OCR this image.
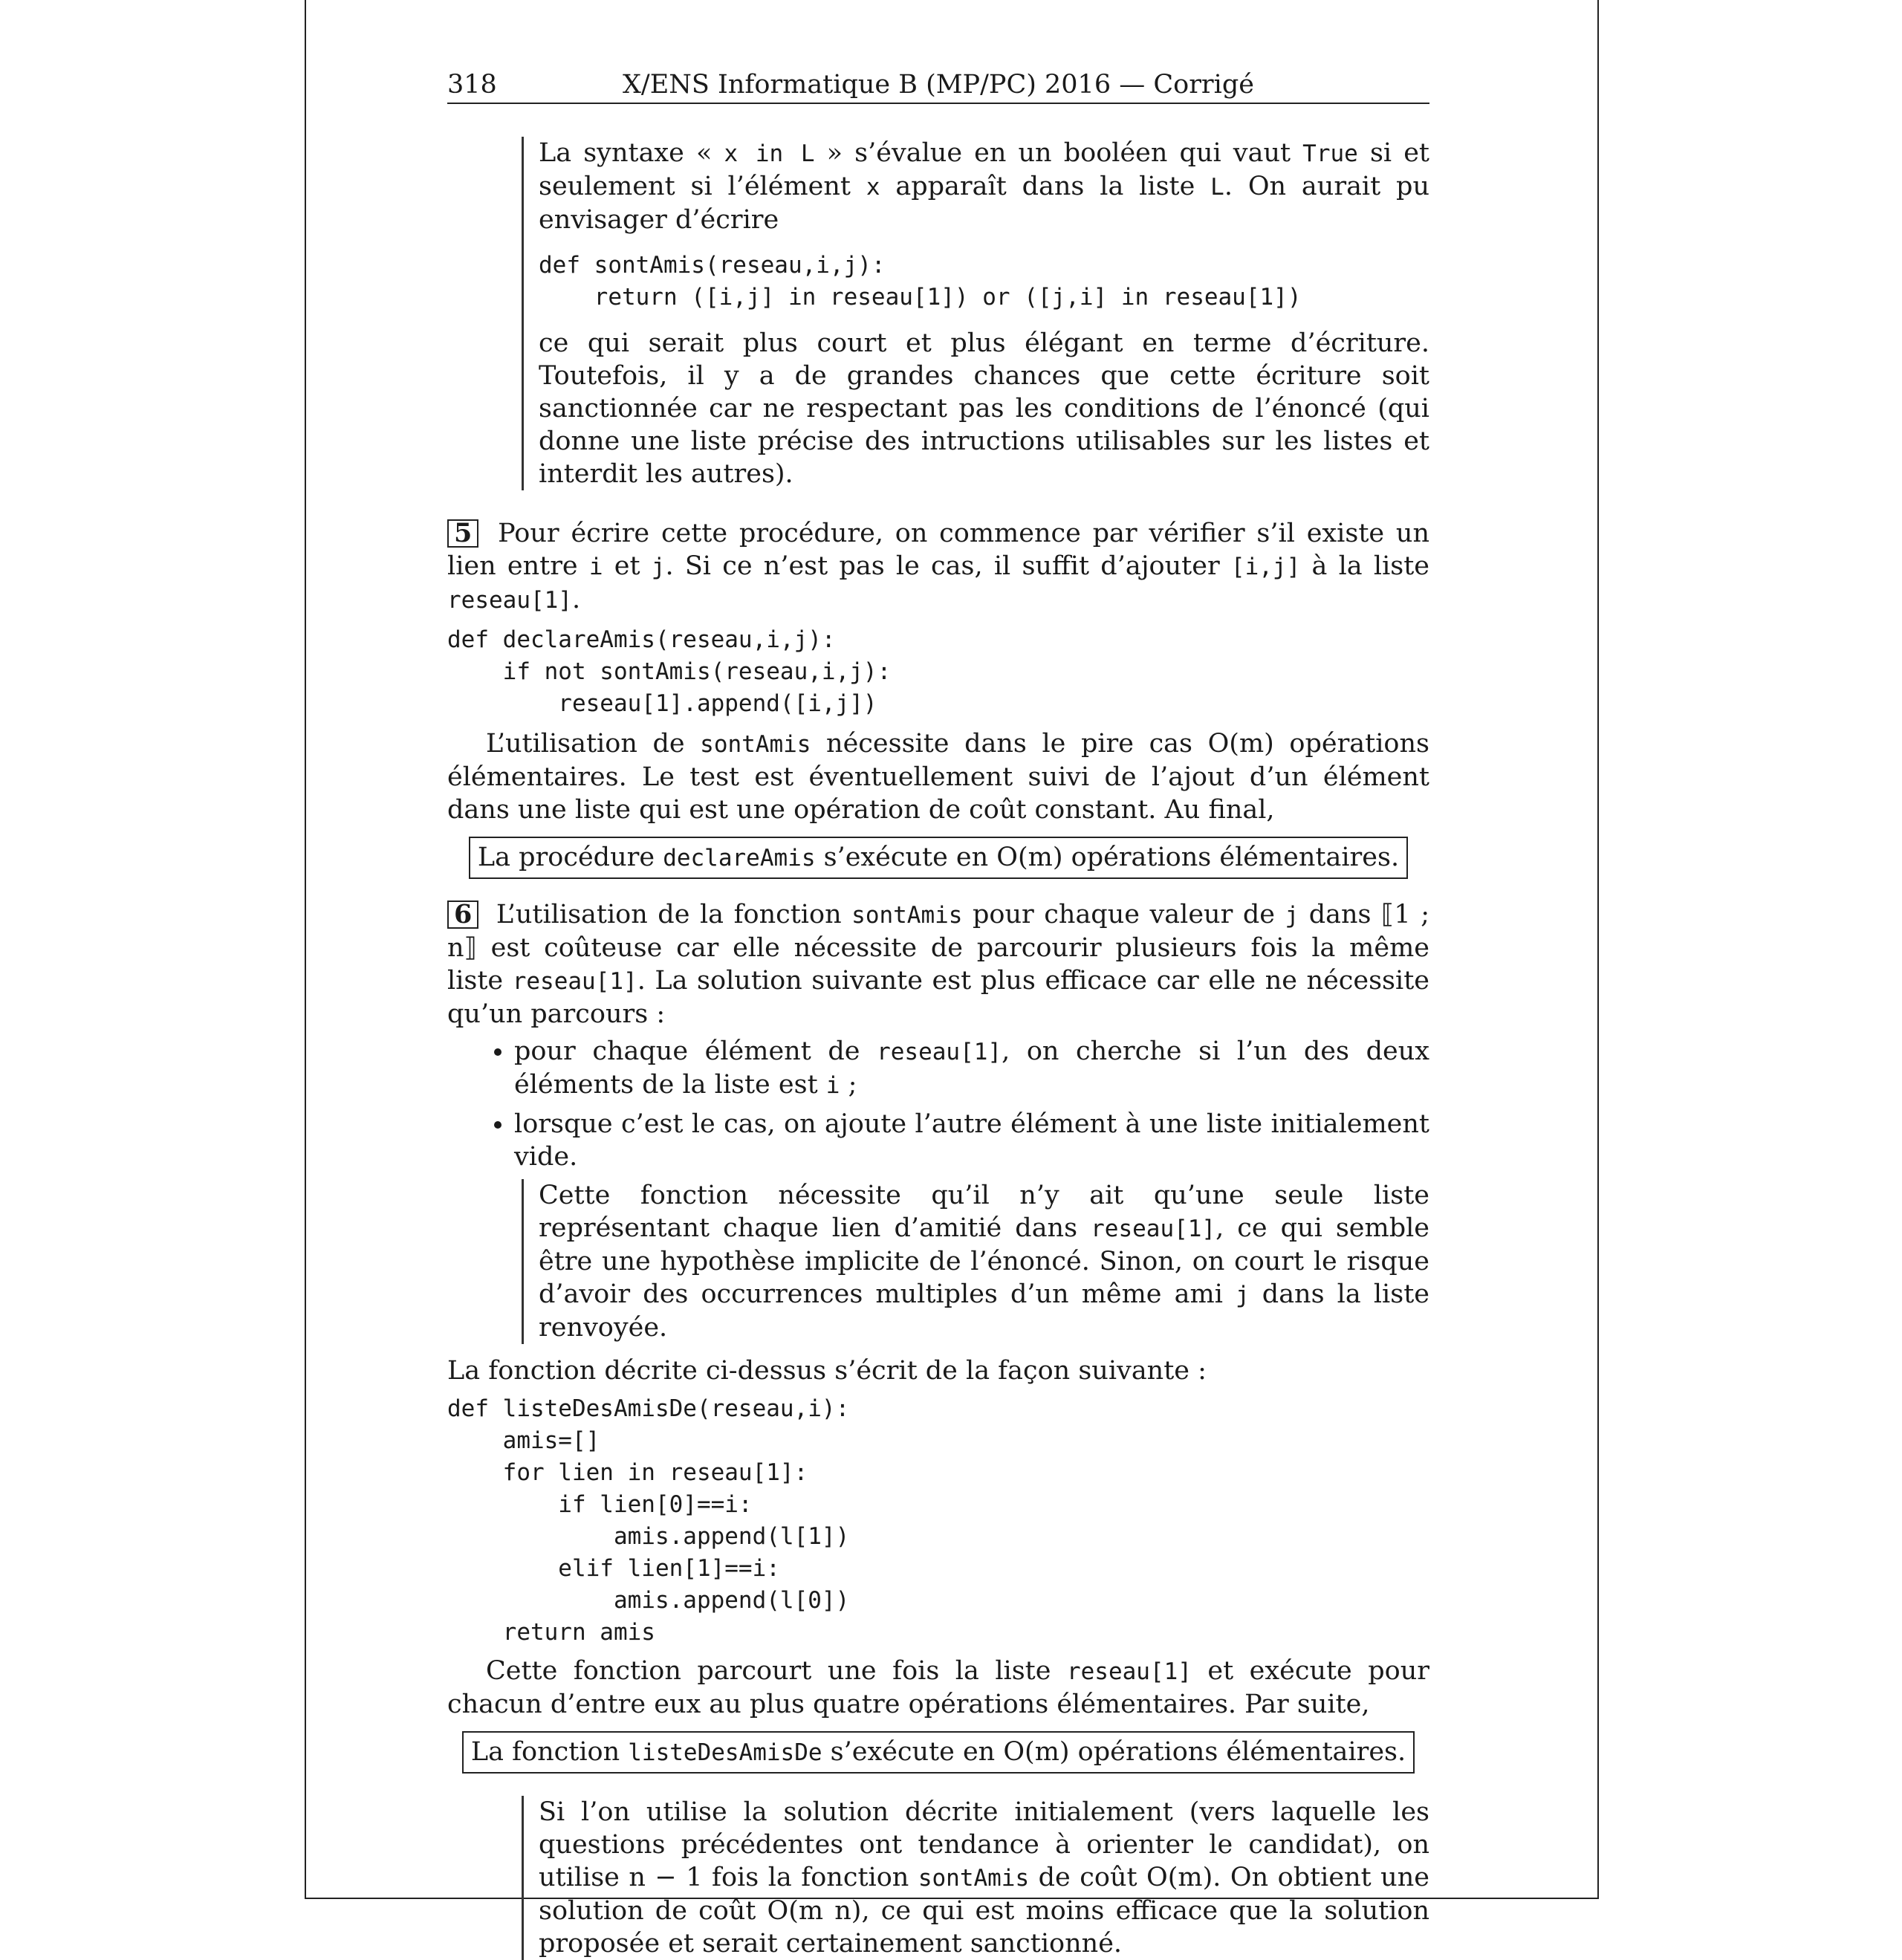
318	X/ENS Informatique B (MP/PC) 2016 — Corrigé

La syntaxe « x in L » s’évalue en un booléen qui vaut True si et seulement si l’élément x apparaît dans la liste L. On aurait pu envisager d’écrire

def sontAmis(reseau,i,j):
return ([i,j] in reseau[1]) or ([j,i] in reseau[1])

ce qui serait plus court et plus élégant en terme d’écriture. Toutefois, il y a de grandes chances que cette écriture soit sanctionnée car ne respectant pas les conditions de l’énoncé (qui donne une liste précise des intructions utilisables sur les listes et interdit les autres).

5 Pour écrire cette procédure, on commence par vérifier s’il existe un lien entre i et j. Si ce n’est pas le cas, il suffit d’ajouter [i,j] à la liste reseau[1].

def declareAmis(reseau,i,j):
if not sontAmis(reseau,i,j):
reseau[1].append([i,j])

L’utilisation de sontAmis nécessite dans le pire cas O(m) opérations élémentaires. Le test est éventuellement suivi de l’ajout d’un élément dans une liste qui est une opération de coût constant. Au final,

La procédure declareAmis s’exécute en O(m) opérations élémentaires.

6 L’utilisation de la fonction sontAmis pour chaque valeur de j dans ⟦1 ; n⟧ est coûteuse car elle nécessite de parcourir plusieurs fois la même liste reseau[1]. La solution suivante est plus efficace car elle ne nécessite qu’un parcours :

• pour chaque élément de reseau[1], on cherche si l’un des deux éléments de la liste est i ;
• lorsque c’est le cas, on ajoute l’autre élément à une liste initialement vide.

Cette fonction nécessite qu’il n’y ait qu’une seule liste représentant chaque lien d’amitié dans reseau[1], ce qui semble être une hypothèse implicite de l’énoncé. Sinon, on court le risque d’avoir des occurrences multiples d’un même ami j dans la liste renvoyée.

La fonction décrite ci-dessus s’écrit de la façon suivante :

def listeDesAmisDe(reseau,i):
amis=[]
for lien in reseau[1]:
if lien[0]==i:
amis.append(l[1])
elif lien[1]==i:
amis.append(l[0])
return amis

Cette fonction parcourt une fois la liste reseau[1] et exécute pour chacun d’entre eux au plus quatre opérations élémentaires. Par suite,

La fonction listeDesAmisDe s’exécute en O(m) opérations élémentaires.

Si l’on utilise la solution décrite initialement (vers laquelle les questions précédentes ont tendance à orienter le candidat), on utilise n − 1 fois la fonction sontAmis de coût O(m). On obtient une solution de coût O(m n), ce qui est moins efficace que la solution proposée et serait certainement sanctionné.
